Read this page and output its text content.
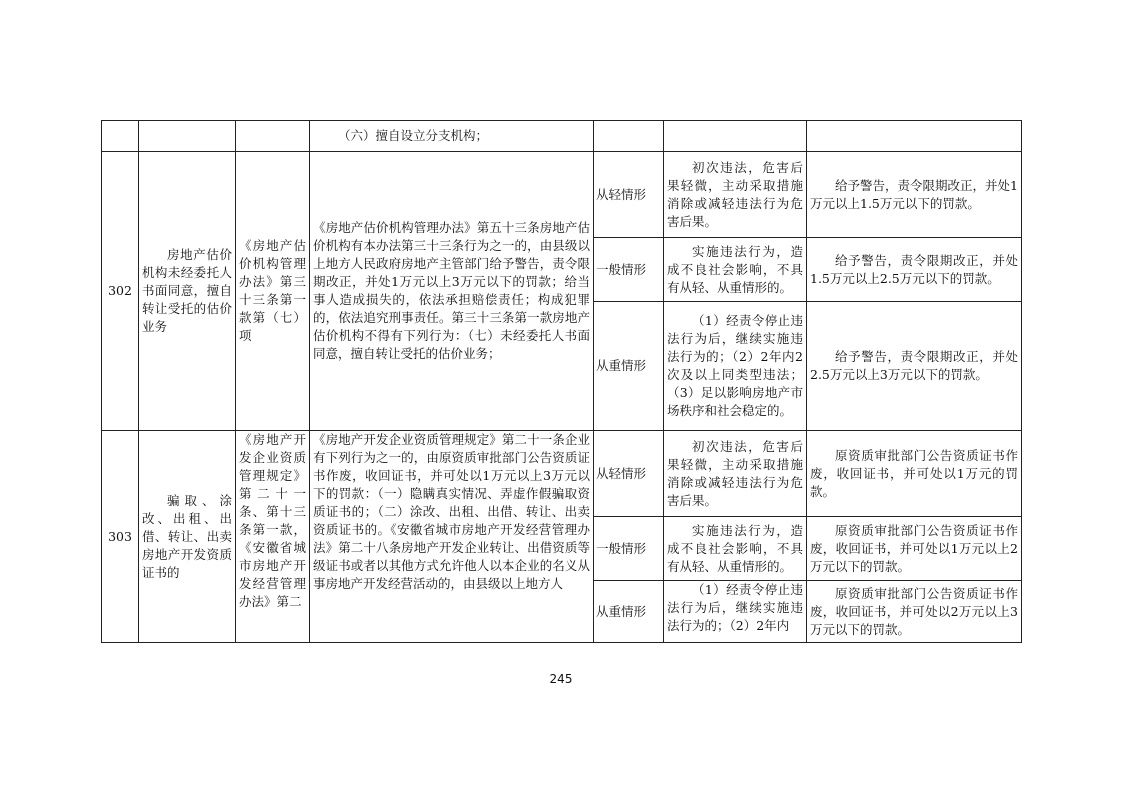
			（六）擅自设立分支机构；			
302	房地产估价机构未经委托人书面同意，擅自转让受托的估价业务	《房地产估价机构管理办法》第三十三条第一款第（七）项	《房地产估价机构管理办法》第五十三条房地产估价机构有本办法第三十三条行为之一的，由县级以上地方人民政府房地产主管部门给予警告，责令限期改正，并处1万元以上3万元以下的罚款；给当事人造成损失的，依法承担赔偿责任；构成犯罪的，依法追究刑事责任。第三十三条第一款房地产估价机构不得有下列行为：（七）未经委托人书面同意，擅自转让受托的估价业务；	从轻情形	初次违法，危害后果轻微，主动采取措施消除或减轻违法行为危害后果。	给予警告，责令限期改正，并处1万元以上1.5万元以下的罚款。
				一般情形	实施违法行为，造成不良社会影响，不具有从轻、从重情形的。	给予警告，责令限期改正，并处1.5万元以上2.5万元以下的罚款。
				从重情形	（1）经责令停止违法行为后，继续实施违法行为的；（2）2年内2次及以上同类型违法；（3）足以影响房地产市场秩序和社会稳定的。	给予警告，责令限期改正，并处2.5万元以上3万元以下的罚款。
303	骗取、涂改、出租、出借、转让、出卖房地产开发资质证书的	《房地产开发企业资质管理规定》第二十一条、第十三条第一款，《安徽省城市房地产开发经营管理办法》第二	《房地产开发企业资质管理规定》第二十一条企业有下列行为之一的，由原资质审批部门公告资质证书作废，收回证书，并可处以1万元以上3万元以下的罚款：（一）隐瞒真实情况、弄虚作假骗取资质证书的；（二）涂改、出租、出借、转让、出卖资质证书的。《安徽省城市房地产开发经营管理办法》第二十八条房地产开发企业转让、出借资质等级证书或者以其他方式允许他人以本企业的名义从事房地产开发经营活动的，由县级以上地方人	从轻情形	初次违法，危害后果轻微，主动采取措施消除或减轻违法行为危害后果。	原资质审批部门公告资质证书作废，收回证书，并可处以1万元的罚款。
				一般情形	实施违法行为，造成不良社会影响，不具有从轻、从重情形的。	原资质审批部门公告资质证书作废，收回证书，并可处以1万元以上2万元以下的罚款。
				从重情形	（1）经责令停止违法行为后，继续实施违法行为的；（2）2年内	原资质审批部门公告资质证书作废，收回证书，并可处以2万元以上3万元以下的罚款。
245
